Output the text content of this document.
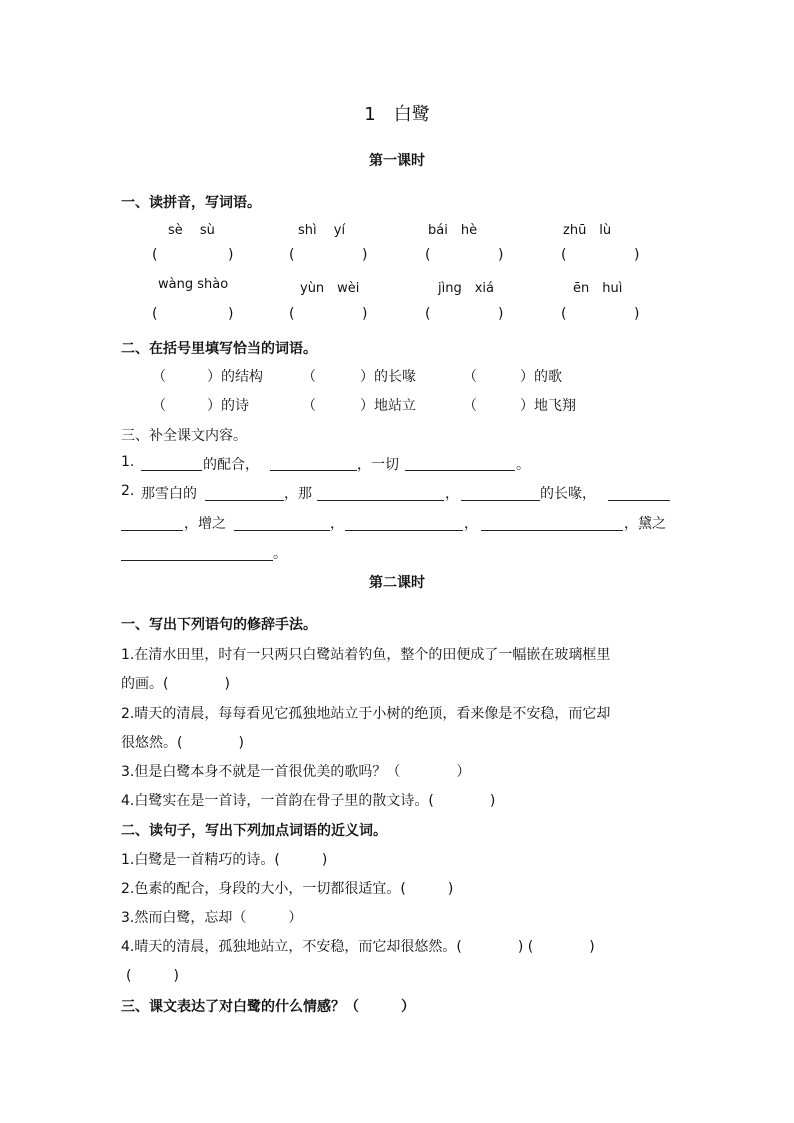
1 白鹭
第一课时
一、读拼音，写词语。
sè　 sù	shì　 yí	bái　hè	zhū　lù
(	)	(	)	(	)	(	)
wàng shào	yùn　wèi	jìng　xiá	ēn　huì
(	)	(	)	(	)	(	)
二、在括号里填写恰当的词语。
（	）的结构	（	）的长喙	（	）的歌
（	）的诗	（	）地站立	（	）地飞翔
三、补全课文内容。
1.	的配合，	，一切	。
2. 那雪白的	，那	，	的长喙，
，增之	，	，	，黛之
。
第二课时
一、写出下列语句的修辞手法。
1.在清水田里，时有一只两只白鹭站着钓鱼，整个的田便成了一幅嵌在玻璃框里
的画。(　　　　)
2.晴天的清晨，每每看见它孤独地站立于小树的绝顶，看来像是不安稳，而它却
很悠然。(　　　　)
3.但是白鹭本身不就是一首很优美的歌吗？（　　　　）
4.白鹭实在是一首诗，一首韵在骨子里的散文诗。(　　　　)
二、读句子，写出下列加点词语的近义词。
1.白鹭是一首精巧的诗。(　　　)
2.色素的配合，身段的大小，一切都很适宜。(　　　)
3.然而白鹭，忘却（　　　）
4.晴天的清晨，孤独地站立，不安稳，而它却很悠然。(　　　　) (　　　　)
(　　　)
三、课文表达了对白鹭的什么情感？（　　　）
